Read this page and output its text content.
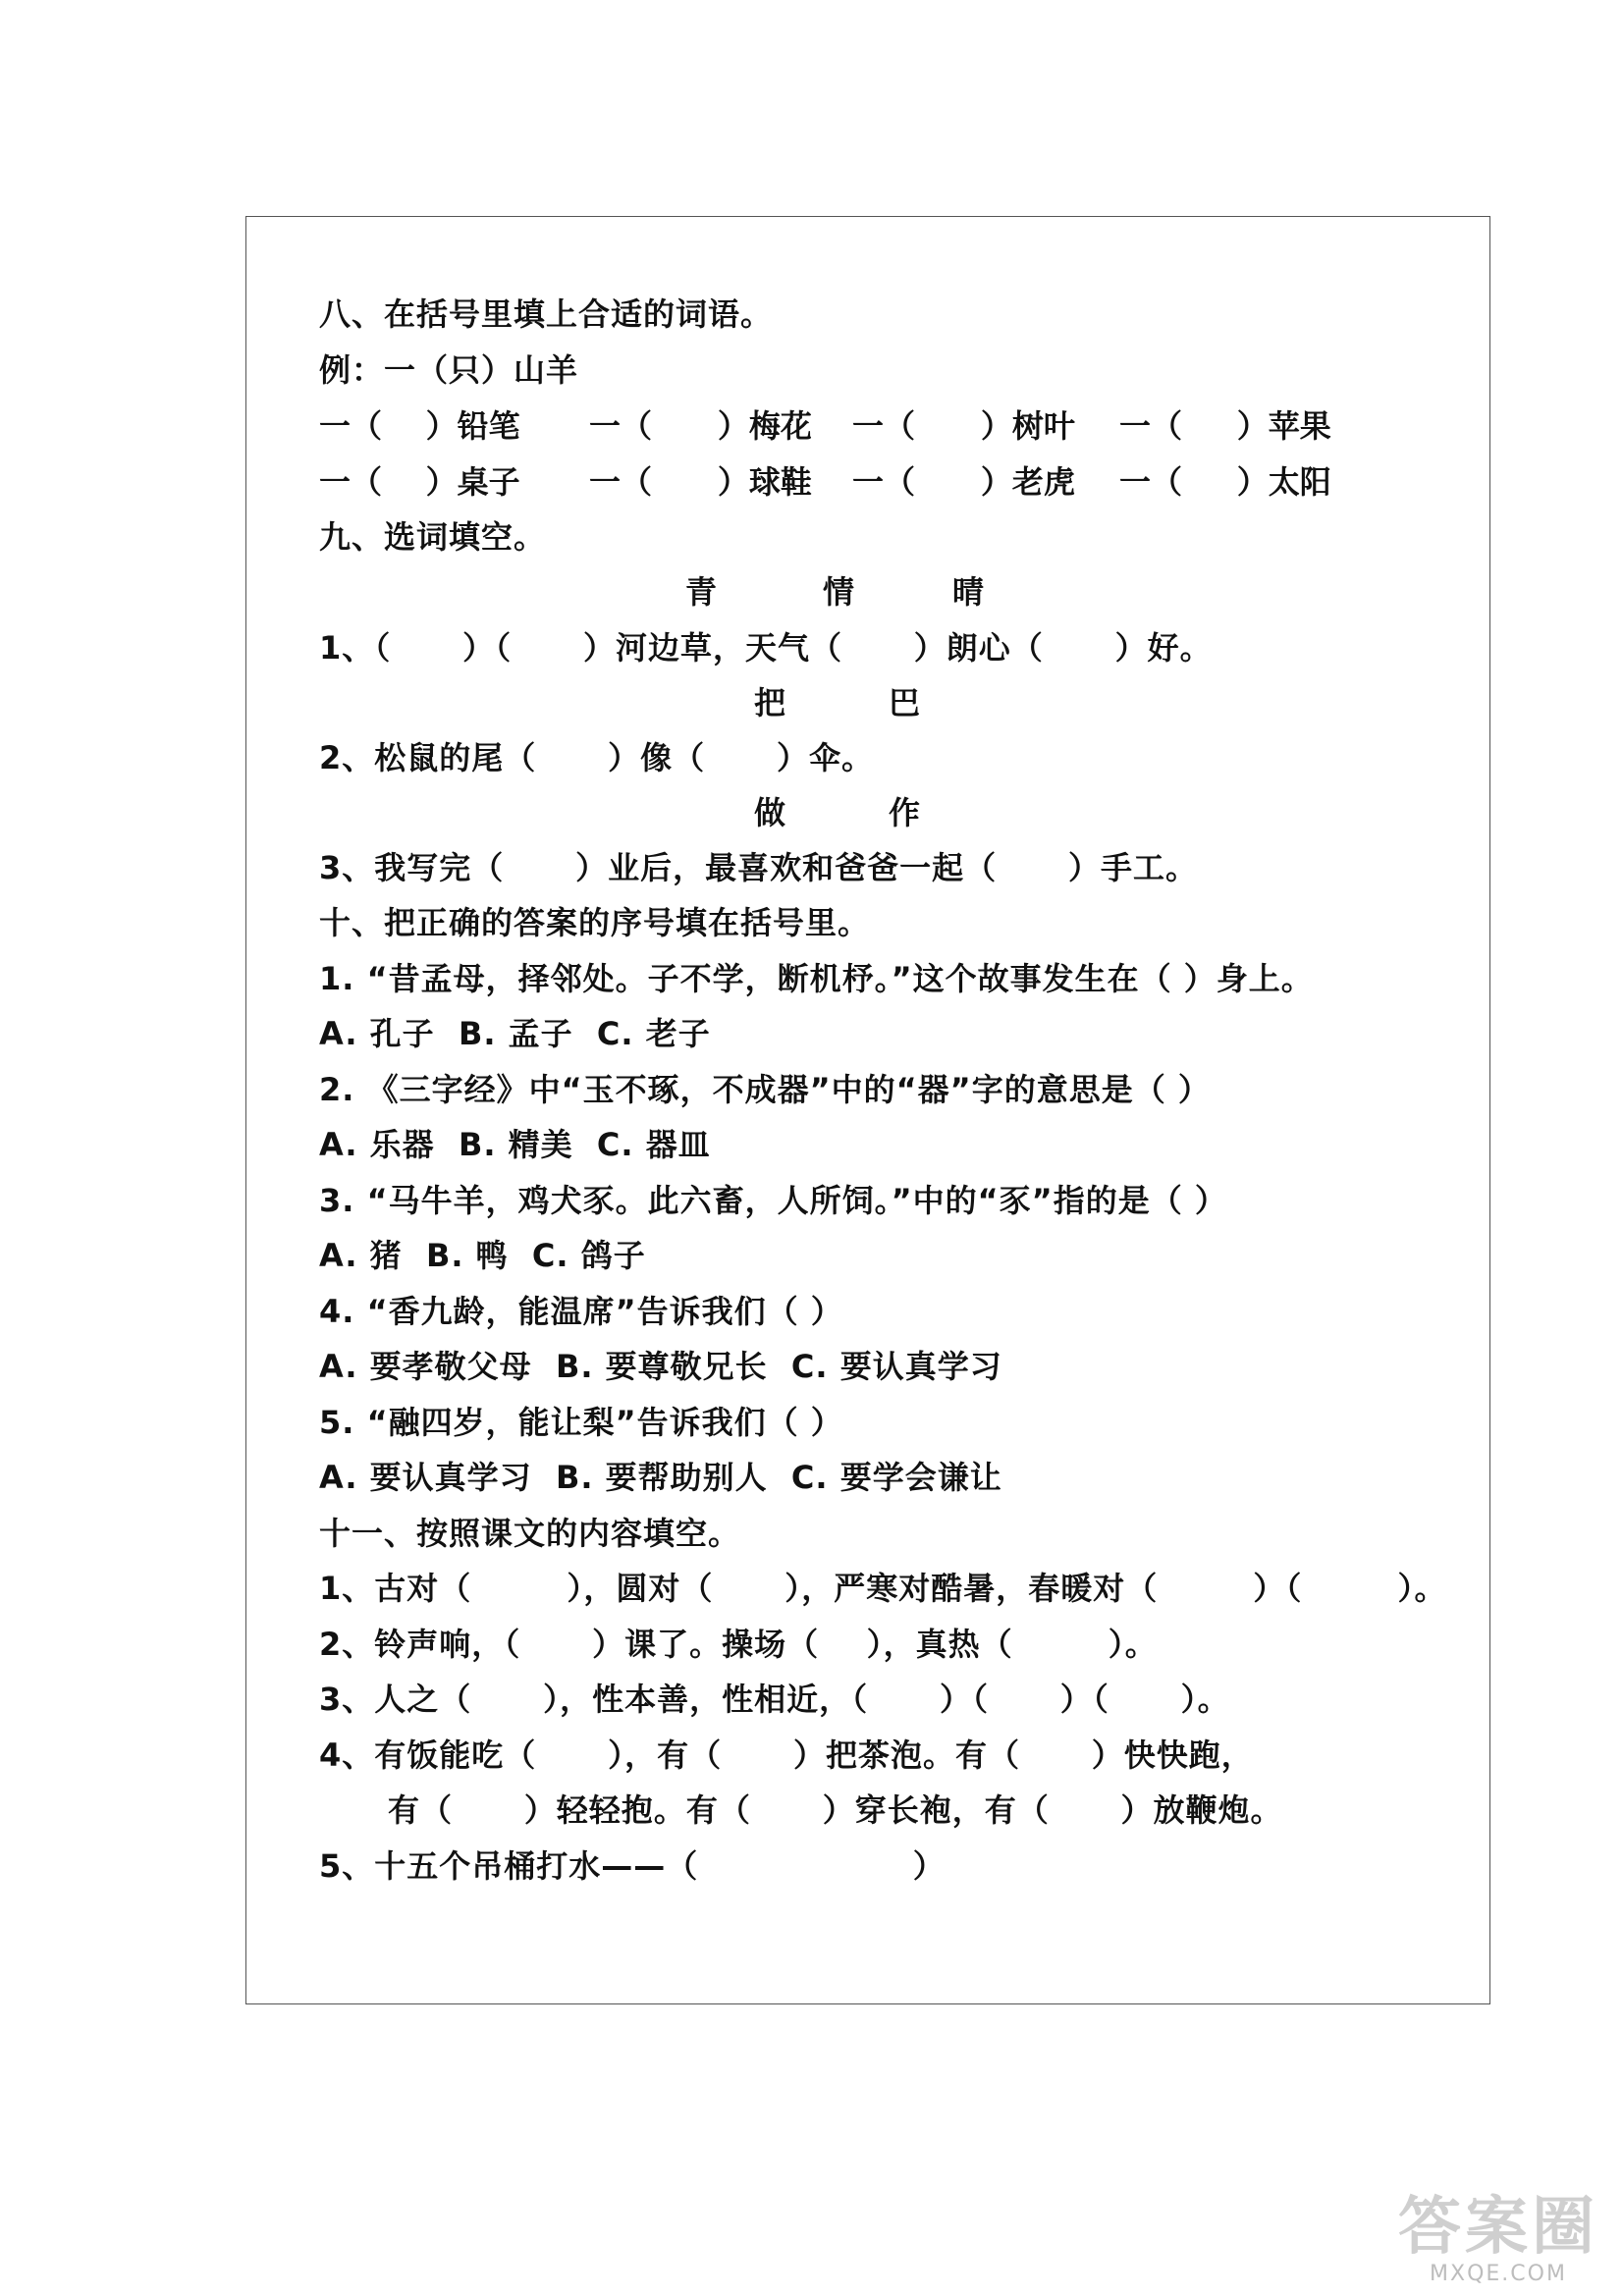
八、在括号里填上合适的词语。
例：一（只）山羊
一（    ）铅笔 一（      ）梅花 一（      ）树叶 一（     ）苹果
一（    ）桌子 一（      ）球鞋 一（      ）老虎 一（     ）太阳
九、选词填空。
青	情	晴
1、（      ）（      ）河边草，天气（      ）朗心（      ）好。
把	巴
2、松鼠的尾（      ）像（      ）伞。
做	作
3、我写完（      ）业后，最喜欢和爸爸一起（      ）手工。
十、把正确的答案的序号填在括号里。
1. “昔孟母，择邻处。子不学，断机杼。”这个故事发生在（ ）身上。
A. 孔子  B. 孟子  C. 老子
2. 《三字经》中“玉不琢，不成器”中的“器”字的意思是（ ）
A. 乐器  B. 精美  C. 器皿
3. “马牛羊，鸡犬豕。此六畜，人所饲。”中的“豕”指的是（ ）
A. 猪  B. 鸭  C. 鸽子
4. “香九龄，能温席”告诉我们（ ）
A. 要孝敬父母  B. 要尊敬兄长  C. 要认真学习
5. “融四岁，能让梨”告诉我们（ ）
A. 要认真学习  B. 要帮助别人  C. 要学会谦让
十一、按照课文的内容填空。
1、古对（        ），圆对（      ），严寒对酷暑，春暖对（        ）（        ）。
2、铃声响，（      ）课了。操场（    ），真热（        ）。
3、人之（      ），性本善，性相近，（      ）（      ）（      ）。
4、有饭能吃（      ），有（      ）把茶泡。有（      ）快快跑，
有（      ）轻轻抱。有（      ）穿长袍，有（      ）放鞭炮。
5、十五个吊桶打水——（                  ）
答案圈
MXQE.COM
